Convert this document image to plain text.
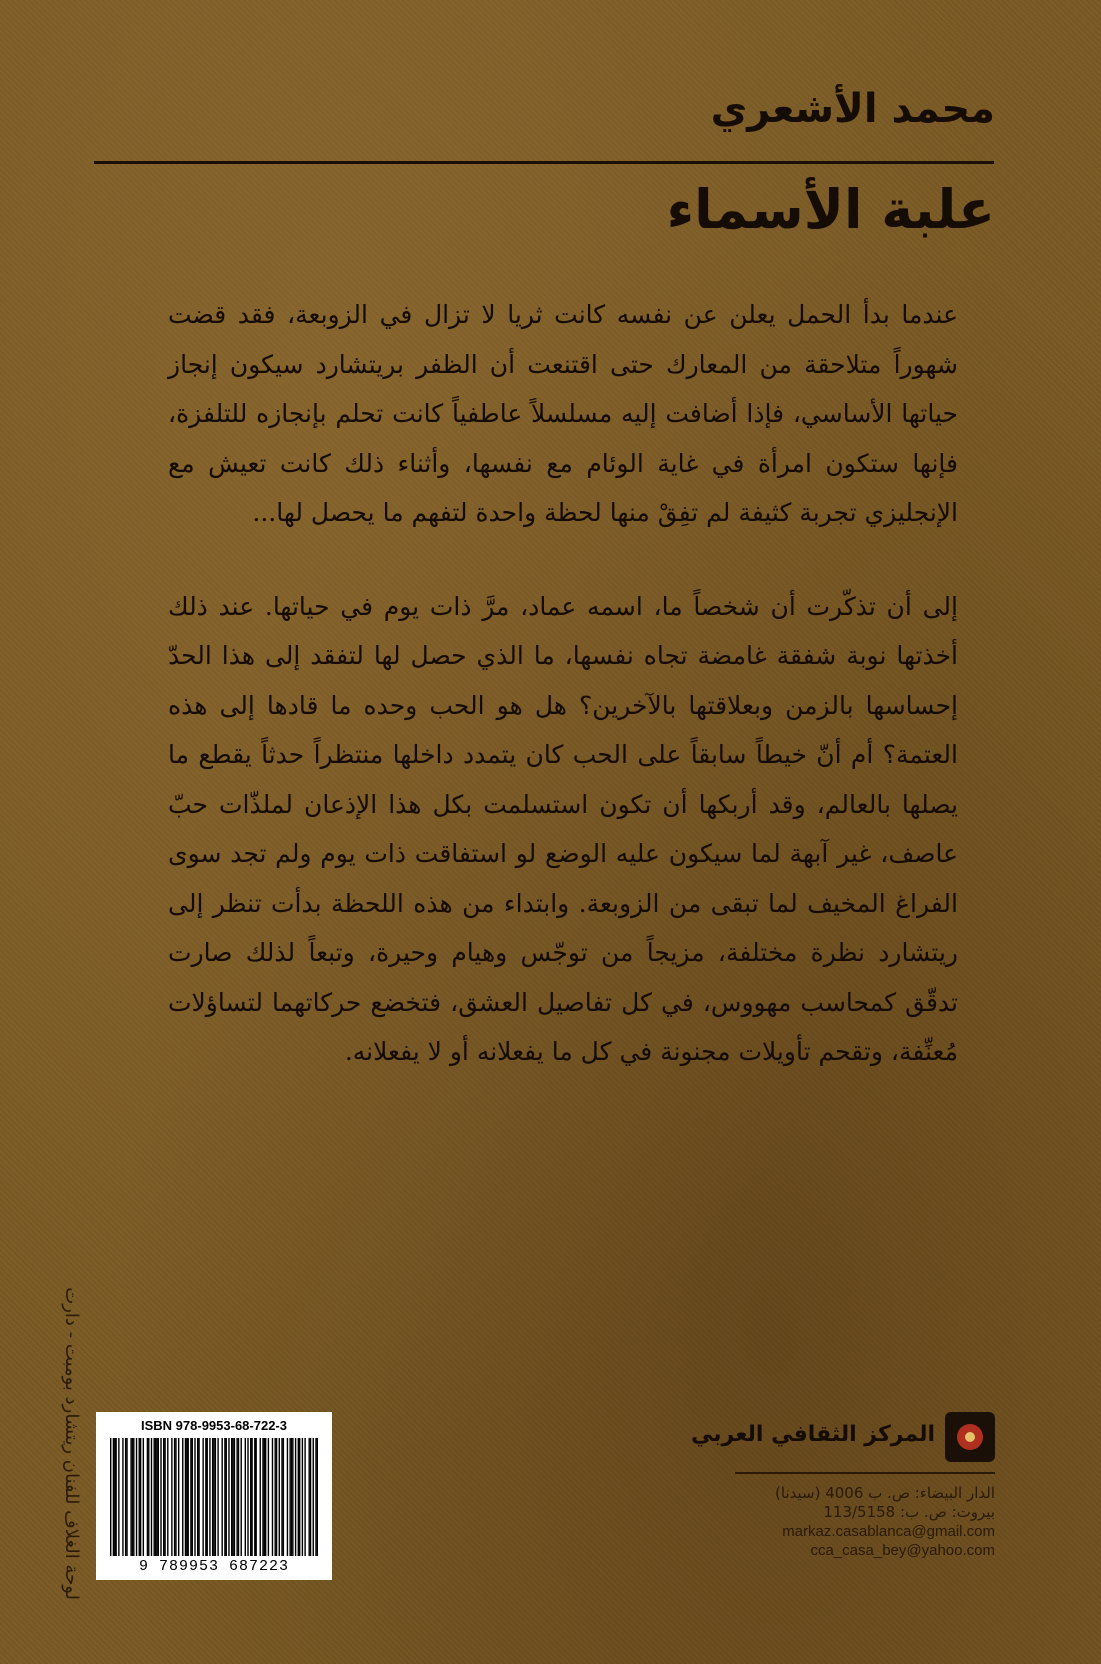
محمد الأشعري
علبة الأسماء

عندما بدأ الحمل يعلن عن نفسه كانت ثريا لا تزال في الزوبعة، فقد قضت شهوراً متلاحقة من المعارك حتى اقتنعت أن الظفر بريتشارد سيكون إنجاز حياتها الأساسي، فإذا أضافت إليه مسلسلاً عاطفياً كانت تحلم بإنجازه للتلفزة، فإنها ستكون امرأة في غاية الوئام مع نفسها، وأثناء ذلك كانت تعيش مع الإنجليزي تجربة كثيفة لم تفِقْ منها لحظة واحدة لتفهم ما يحصل لها...

إلى أن تذكّرت أن شخصاً ما، اسمه عماد، مرَّ ذات يوم في حياتها. عند ذلك أخذتها نوبة شفقة غامضة تجاه نفسها، ما الذي حصل لها لتفقد إلى هذا الحدّ إحساسها بالزمن وبعلاقتها بالآخرين؟ هل هو الحب وحده ما قادها إلى هذه العتمة؟ أم أنّ خيطاً سابقاً على الحب كان يتمدد داخلها منتظراً حدثاً يقطع ما يصلها بالعالم، وقد أربكها أن تكون استسلمت بكل هذا الإذعان لملذّات حبّ عاصف، غير آبهة لما سيكون عليه الوضع لو استفاقت ذات يوم ولم تجد سوى الفراغ المخيف لما تبقى من الزوبعة. وابتداء من هذه اللحظة بدأت تنظر إلى ريتشارد نظرة مختلفة، مزيجاً من توجّس وهيام وحيرة، وتبعاً لذلك صارت تدقّق كمحاسب مهووس، في كل تفاصيل العشق، فتخضع حركاتهما لتساؤلات مُعنِّفة، وتقحم تأويلات مجنونة في كل ما يفعلانه أو لا يفعلانه.

لوحة الغلاف للفنان ريتشارد بومبت - دارت	ISBN 978-9953-68-722-3
9 789953 687223
المركز الثقافي العربي
الدار البيضاء: ص. ب 4006 (سيدنا)
بيروت: ص. ب: 113/5158
markaz.casablanca@gmail.com
cca_casa_bey@yahoo.com
